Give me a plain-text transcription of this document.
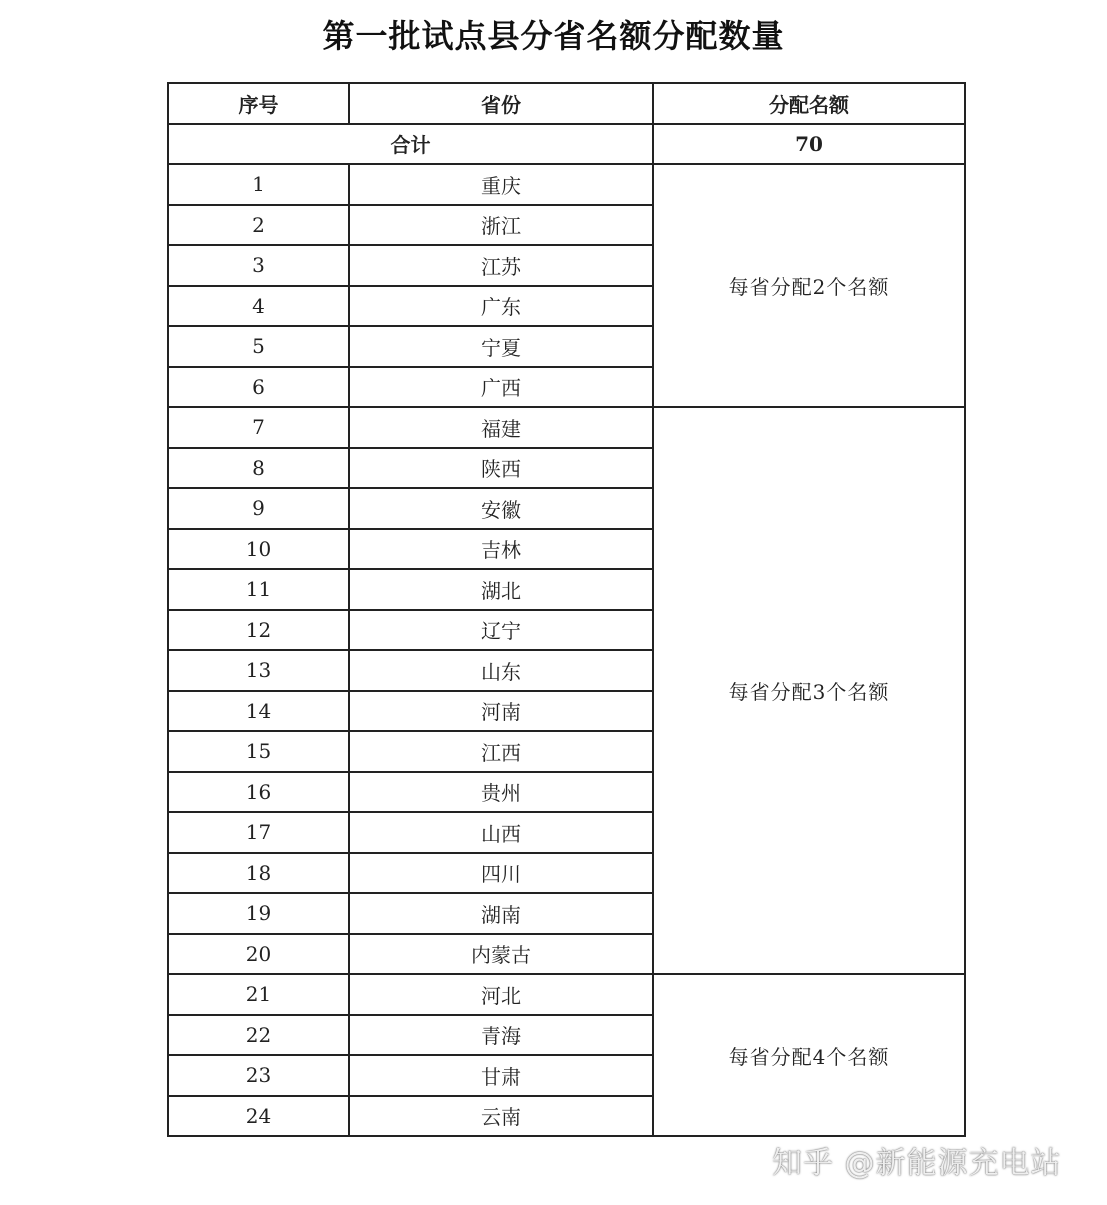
第一批试点县分省名额分配数量
序号	省份	分配名额
合计		70
1	重庆	每省分配2个名额
2	浙江	
3	江苏	
4	广东	
5	宁夏	
6	广西	
7	福建	每省分配3个名额
8	陕西	
9	安徽	
10	吉林	
11	湖北	
12	辽宁	
13	山东	
14	河南	
15	江西	
16	贵州	
17	山西	
18	四川	
19	湖南	
20	内蒙古	
21	河北	每省分配4个名额
22	青海	
23	甘肃	
24	云南	
知乎 @新能源充电站
